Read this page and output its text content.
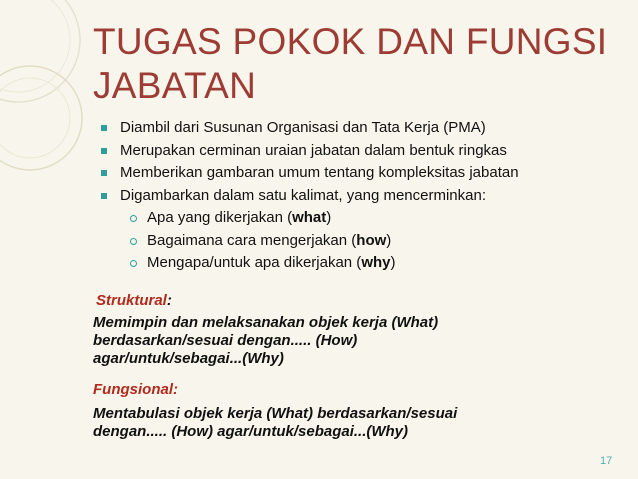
TUGAS POKOK DAN FUNGSI
JABATAN
Diambil dari Susunan Organisasi dan Tata Kerja (PMA)
Merupakan cerminan uraian jabatan dalam bentuk ringkas
Memberikan gambaran umum tentang kompleksitas jabatan
Digambarkan dalam satu kalimat, yang mencerminkan:
Apa yang dikerjakan (what)
Bagaimana cara mengerjakan (how)
Mengapa/untuk apa dikerjakan (why)
Struktural:
Memimpin dan melaksanakan objek kerja (What)
berdasarkan/sesuai dengan..... (How)
agar/untuk/sebagai...(Why)
Fungsional:
Mentabulasi objek kerja (What) berdasarkan/sesuai
dengan..... (How) agar/untuk/sebagai...(Why)
17
